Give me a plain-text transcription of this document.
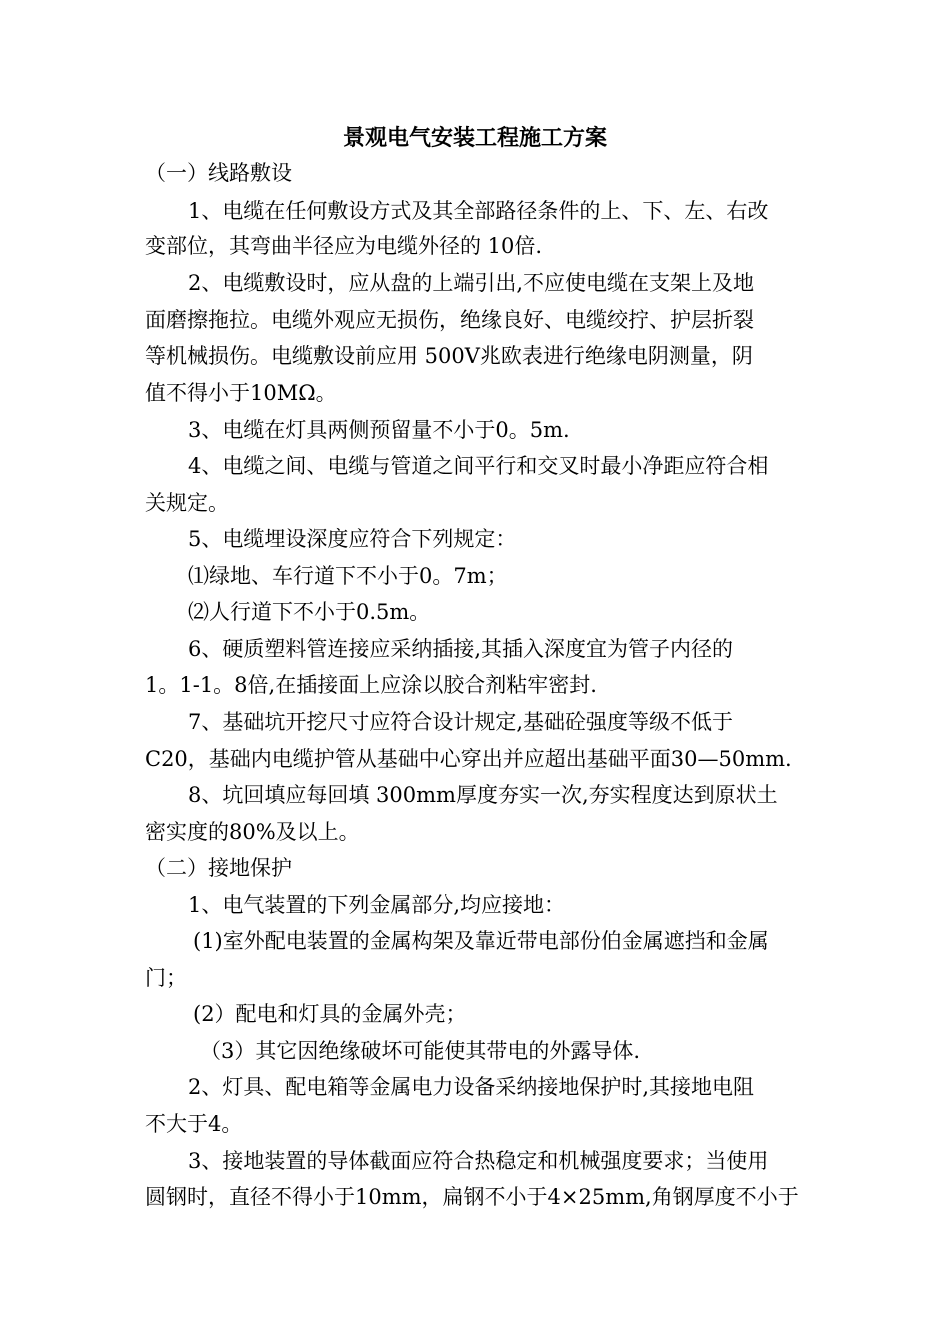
景观电气安装工程施工方案
（一）线路敷设
1、电缆在任何敷设方式及其全部路径条件的上、下、左、右改
变部位，其弯曲半径应为电缆外径的 10倍.
2、电缆敷设时，应从盘的上端引出,不应使电缆在支架上及地
面磨擦拖拉。电缆外观应无损伤，绝缘良好、电缆绞拧、护层折裂
等机械损伤。电缆敷设前应用 500V兆欧表进行绝缘电阴测量，阴
值不得小于10MΩ。
3、电缆在灯具两侧预留量不小于0。5m.
4、电缆之间、电缆与管道之间平行和交叉时最小净距应符合相
关规定。
5、电缆埋设深度应符合下列规定：
⑴绿地、车行道下不小于0。7m；
⑵人行道下不小于0.5m。
6、硬质塑料管连接应采纳插接,其插入深度宜为管子内径的
1。1-1。8倍,在插接面上应涂以胶合剂粘牢密封.
7、基础坑开挖尺寸应符合设计规定,基础砼强度等级不低于
C20，基础内电缆护管从基础中心穿出并应超出基础平面30—50mm.
8、坑回填应每回填 300mm厚度夯实一次,夯实程度达到原状土
密实度的80%及以上。
（二）接地保护
1、电气装置的下列金属部分,均应接地：
(1)室外配电装置的金属构架及靠近带电部份伯金属遮挡和金属
门；
(2）配电和灯具的金属外壳；
（3）其它因绝缘破坏可能使其带电的外露导体.
2、灯具、配电箱等金属电力设备采纳接地保护时,其接地电阻
不大于4。
3、接地装置的导体截面应符合热稳定和机械强度要求；当使用
圆钢时，直径不得小于10mm，扁钢不小于4×25mm,角钢厚度不小于
